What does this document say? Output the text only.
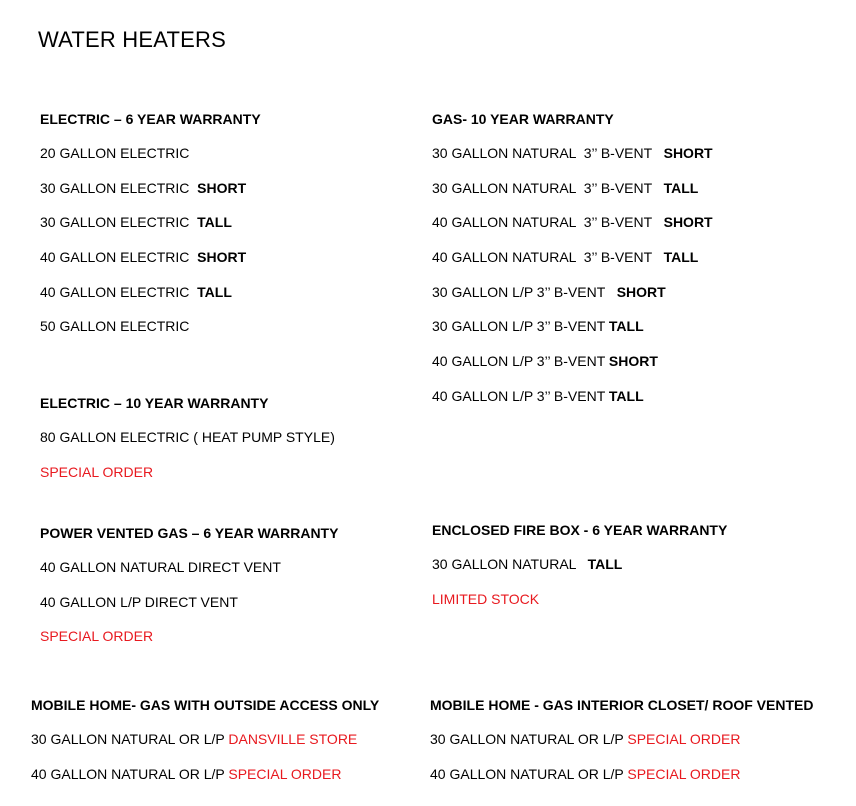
WATER HEATERS
ELECTRIC – 6 YEAR WARRANTY
20 GALLON ELECTRIC
30 GALLON ELECTRIC  SHORT
30 GALLON ELECTRIC  TALL
40 GALLON ELECTRIC  SHORT
40 GALLON ELECTRIC  TALL
50 GALLON ELECTRIC
ELECTRIC – 10 YEAR WARRANTY
80 GALLON ELECTRIC ( HEAT PUMP STYLE)
SPECIAL ORDER
GAS- 10 YEAR WARRANTY
30 GALLON NATURAL  3’’ B-VENT   SHORT
30 GALLON NATURAL  3’’ B-VENT   TALL
40 GALLON NATURAL  3’’ B-VENT   SHORT
40 GALLON NATURAL  3’’ B-VENT   TALL
30 GALLON L/P 3’’ B-VENT   SHORT
30 GALLON L/P 3’’ B-VENT TALL
40 GALLON L/P 3’’ B-VENT SHORT
40 GALLON L/P 3’’ B-VENT TALL
POWER VENTED GAS – 6 YEAR WARRANTY
40 GALLON NATURAL DIRECT VENT
40 GALLON L/P DIRECT VENT
SPECIAL ORDER
ENCLOSED FIRE BOX - 6 YEAR WARRANTY
30 GALLON NATURAL   TALL
LIMITED STOCK
MOBILE HOME- GAS WITH OUTSIDE ACCESS ONLY
30 GALLON NATURAL OR L/P DANSVILLE STORE
40 GALLON NATURAL OR L/P SPECIAL ORDER
MOBILE HOME - GAS INTERIOR CLOSET/ ROOF VENTED
30 GALLON NATURAL OR L/P SPECIAL ORDER
40 GALLON NATURAL OR L/P SPECIAL ORDER
